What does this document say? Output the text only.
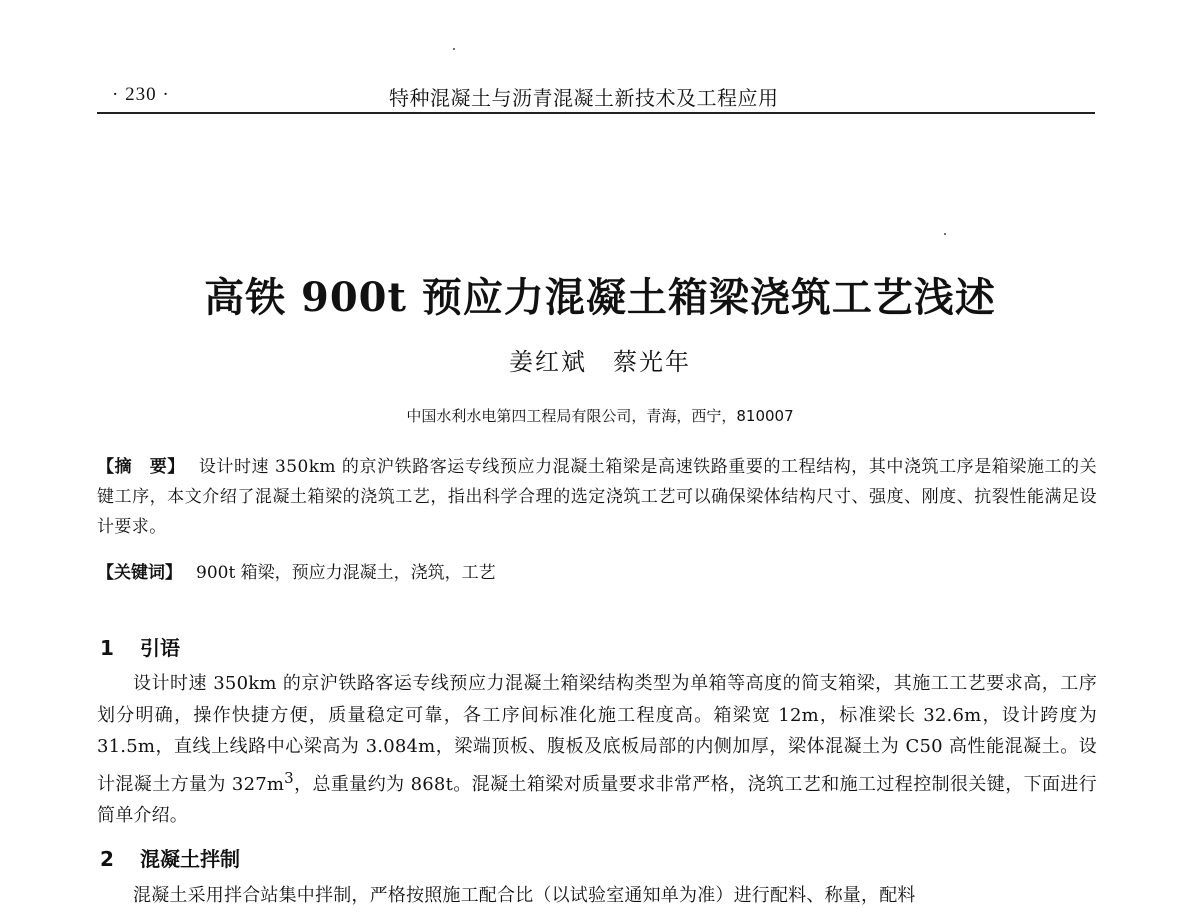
· 230 ·	特种混凝土与沥青混凝土新技术及工程应用
高铁 900t 预应力混凝土箱梁浇筑工艺浅述
姜红斌　蔡光年
中国水利水电第四工程局有限公司，青海，西宁，810007
【摘　要】 设计时速 350km 的京沪铁路客运专线预应力混凝土箱梁是高速铁路重要的工程结构，其中浇筑工序是箱梁施工的关键工序，本文介绍了混凝土箱梁的浇筑工艺，指出科学合理的选定浇筑工艺可以确保梁体结构尺寸、强度、刚度、抗裂性能满足设计要求。
【关键词】 900t 箱梁，预应力混凝土，浇筑，工艺
1 引语
设计时速 350km 的京沪铁路客运专线预应力混凝土箱梁结构类型为单箱等高度的简支箱梁，其施工工艺要求高，工序划分明确，操作快捷方便，质量稳定可靠，各工序间标准化施工程度高。箱梁宽 12m，标准梁长 32.6m，设计跨度为 31.5m，直线上线路中心梁高为 3.084m，梁端顶板、腹板及底板局部的内侧加厚，梁体混凝土为 C50 高性能混凝土。设计混凝土方量为 $327m^3$，总重量约为 868t。混凝土箱梁对质量要求非常严格，浇筑工艺和施工过程控制很关键，下面进行简单介绍。
2 混凝土拌制
混凝土采用拌合站集中拌制，严格按照施工配合比（以试验室通知单为准）进行配料、称量，配料
